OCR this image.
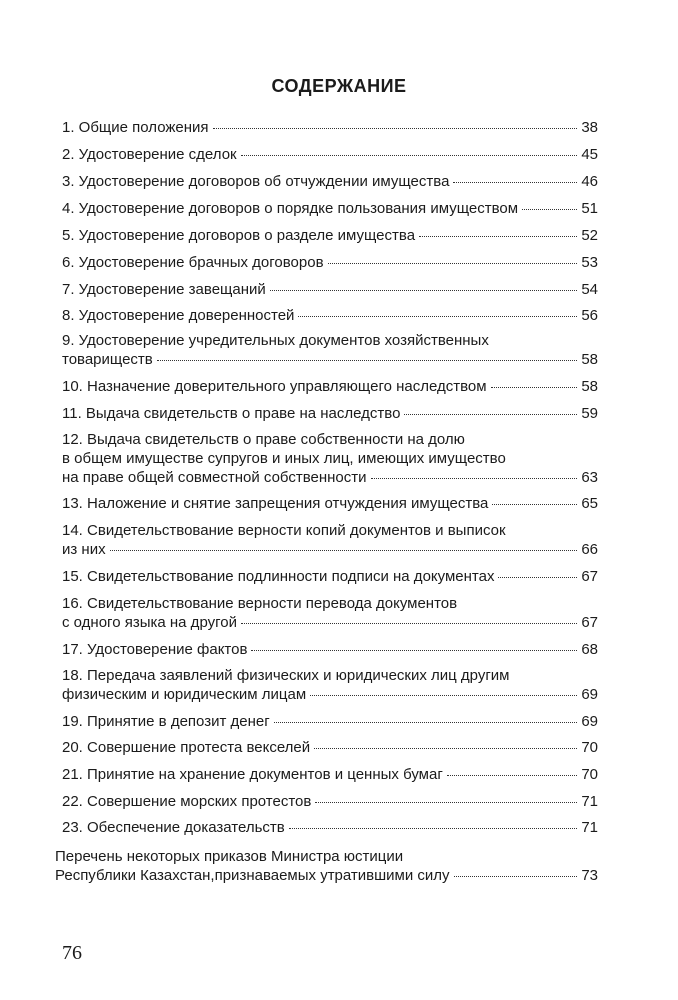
СОДЕРЖАНИЕ
1. Общие положения	38
2. Удостоверение сделок	45
3. Удостоверение договоров об отчуждении имущества	46
4. Удостоверение договоров о порядке пользования имуществом	51
5. Удостоверение договоров о разделе имущества	52
6. Удостоверение брачных договоров	53
7. Удостоверение завещаний	54
8. Удостоверение доверенностей	56
9. Удостоверение учредительных документов хозяйственных
товариществ	58
10. Назначение доверительного управляющего наследством	58
11. Выдача свидетельств о праве на наследство	59
12. Выдача свидетельств о праве собственности на долю
в общем имуществе супругов и иных лиц, имеющих имущество
на праве общей совместной собственности	63
13. Наложение и снятие запрещения отчуждения имущества	65
14. Свидетельствование верности копий документов и выписок
из них	66
15. Свидетельствование подлинности подписи на документах	67
16. Свидетельствование верности перевода документов
с одного языка на другой	67
17. Удостоверение фактов	68
18. Передача заявлений физических и юридических лиц другим
физическим и юридическим лицам	69
19. Принятие в депозит денег	69
20. Совершение протеста векселей	70
21. Принятие на хранение документов и ценных бумаг	70
22. Совершение морских протестов	71
23. Обеспечение доказательств	71
Перечень некоторых приказов Министра юстиции
Республики Казахстан,признаваемых утратившими силу	73
76
